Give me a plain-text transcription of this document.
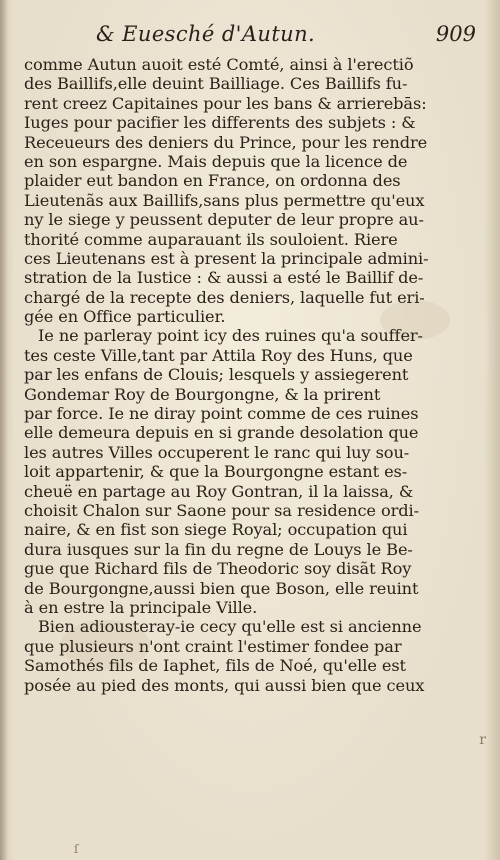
& Euesché d'Autun.	909
comme Autun auoit esté Comté, ainsi à l'erectiõ
des Baillifs,elle deuint Bailliage. Ces Baillifs fu-
rent creez Capitaines pour les bans & arrierebās:
Iuges pour pacifier les differents des subjets : &
Receueurs des deniers du Prince, pour les rendre
en son espargne. Mais depuis que la licence de
plaider eut bandon en France, on ordonna des
Lieutenãs aux Baillifs,sans plus permettre qu'eux
ny le siege y peussent deputer de leur propre au-
thorité comme auparauant ils souloient. Riere
ces Lieutenans est à present la principale admini-
stration de la Iustice : & aussi a esté le Baillif de-
chargé de la recepte des deniers, laquelle fut eri-
gée en Office particulier.
Ie ne parleray point icy des ruines qu'a souffer-
tes ceste Ville,tant par Attila Roy des Huns, que
par les enfans de Clouis; lesquels y assiegerent
Gondemar Roy de Bourgongne, & la prirent
par force. Ie ne diray point comme de ces ruines
elle demeura depuis en si grande desolation que
les autres Villes occuperent le ranc qui luy sou-
loit appartenir, & que la Bourgongne estant es-
cheuë en partage au Roy Gontran, il la laissa, &
choisit Chalon sur Saone pour sa residence ordi-
naire, & en fist son siege Royal; occupation qui
dura iusques sur la fin du regne de Louys le Be-
gue que Richard fils de Theodoric soy disãt Roy
de Bourgongne,aussi bien que Boson, elle reuint
à en estre la principale Ville.
Bien adiousteray-ie cecy qu'elle est si ancienne
que plusieurs n'ont craint l'estimer fondee par
Samothés fils de Iaphet, fils de Noé, qu'elle est
posée au pied des monts, qui aussi bien que ceux
r
ſ
